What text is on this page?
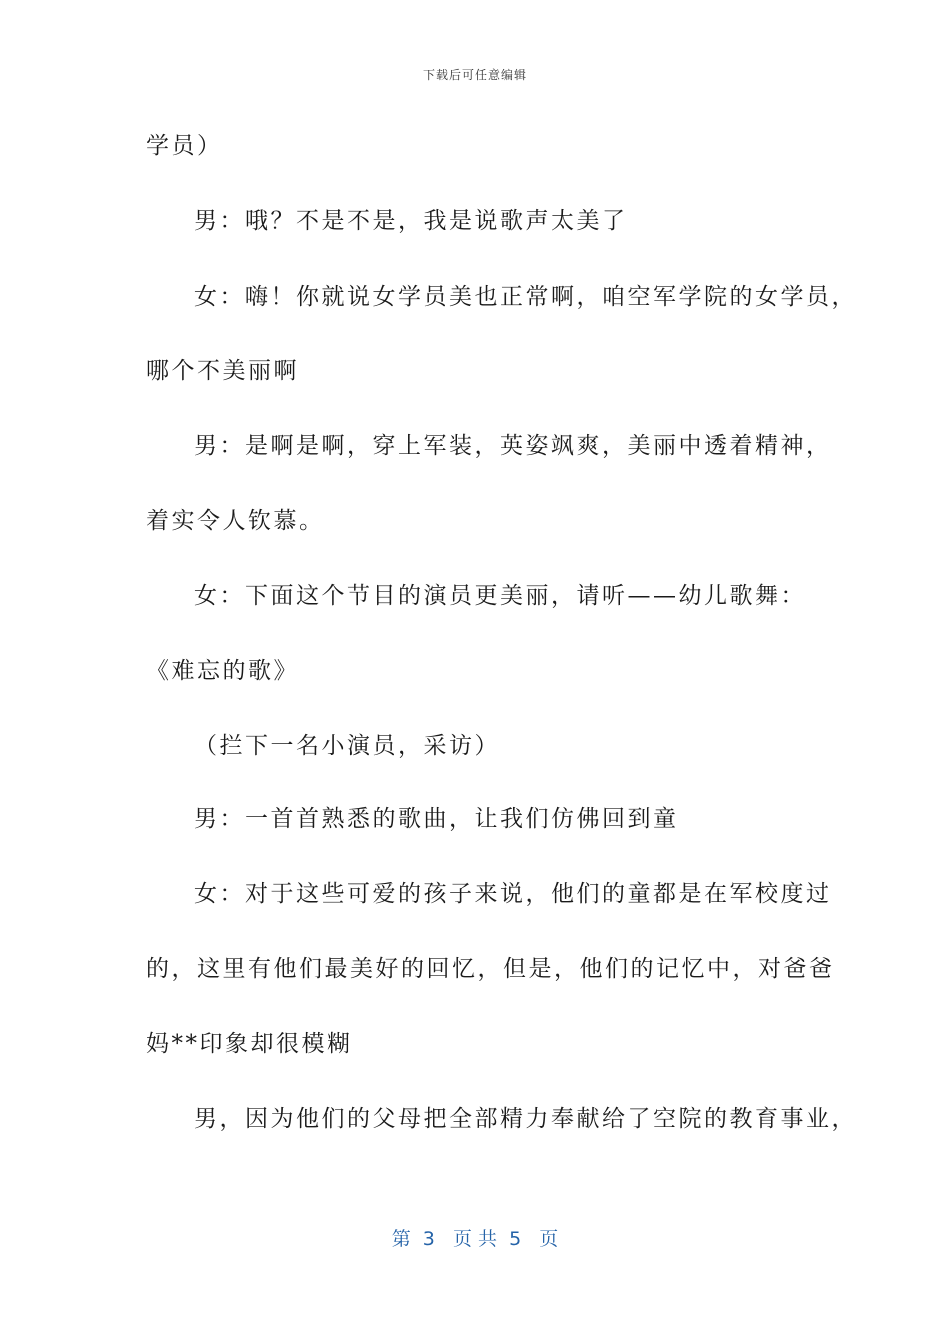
下载后可任意编辑
学员）
男：哦？不是不是，我是说歌声太美了
女：嗨！你就说女学员美也正常啊，咱空军学院的女学员，
哪个不美丽啊
男：是啊是啊，穿上军装，英姿飒爽，美丽中透着精神，
着实令人钦慕。
女：下面这个节目的演员更美丽，请听——幼儿歌舞：
《难忘的歌》
（拦下一名小演员，采访）
男：一首首熟悉的歌曲，让我们仿佛回到童
女：对于这些可爱的孩子来说，他们的童都是在军校度过
的，这里有他们最美好的回忆，但是，他们的记忆中，对爸爸
妈**印象却很模糊
男，因为他们的父母把全部精力奉献给了空院的教育事业，
第  3   页 共  5   页
